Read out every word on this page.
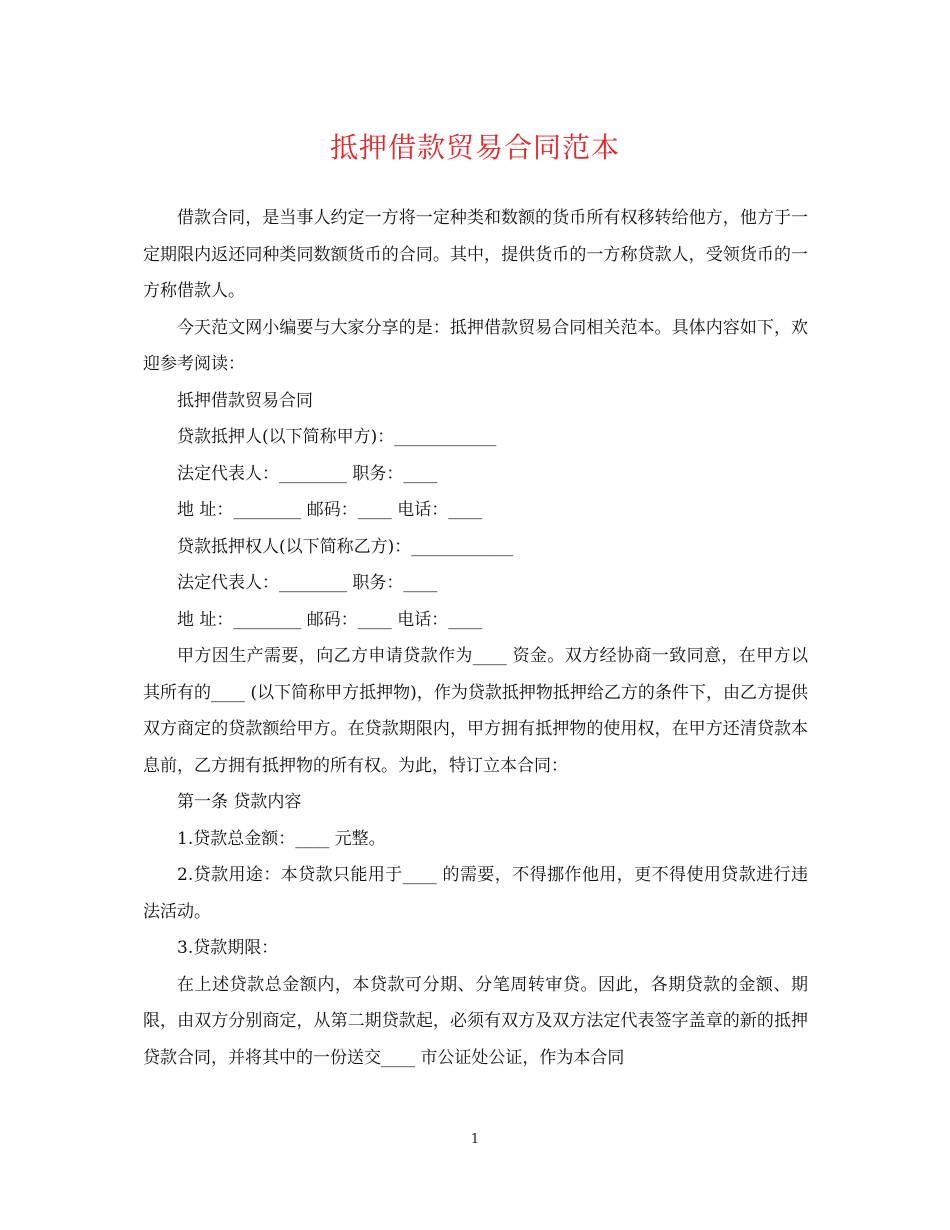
抵押借款贸易合同范本

借款合同，是当事人约定一方将一定种类和数额的货币所有权移转给他方，他方于一定期限内返还同种类同数额货币的合同。其中，提供货币的一方称贷款人，受领货币的一方称借款人。

今天范文网小编要与大家分享的是：抵押借款贸易合同相关范本。具体内容如下，欢迎参考阅读：

抵押借款贸易合同

贷款抵押人(以下简称甲方)：____________

法定代表人：________ 职务：____

地 址：________ 邮码：____ 电话：____

贷款抵押权人(以下简称乙方)：____________

法定代表人：________ 职务：____

地 址：________ 邮码：____ 电话：____

甲方因生产需要，向乙方申请贷款作为____ 资金。双方经协商一致同意，在甲方以其所有的____ (以下简称甲方抵押物)，作为贷款抵押物抵押给乙方的条件下，由乙方提供双方商定的贷款额给甲方。在贷款期限内，甲方拥有抵押物的使用权，在甲方还清贷款本息前，乙方拥有抵押物的所有权。为此，特订立本合同：

第一条 贷款内容

1.贷款总金额：____ 元整。

2.贷款用途：本贷款只能用于____ 的需要，不得挪作他用，更不得使用贷款进行违法活动。

3.贷款期限：

在上述贷款总金额内，本贷款可分期、分笔周转审贷。因此，各期贷款的金额、期限，由双方分别商定，从第二期贷款起，必须有双方及双方法定代表签字盖章的新的抵押贷款合同，并将其中的一份送交____ 市公证处公证，作为本合同

1
